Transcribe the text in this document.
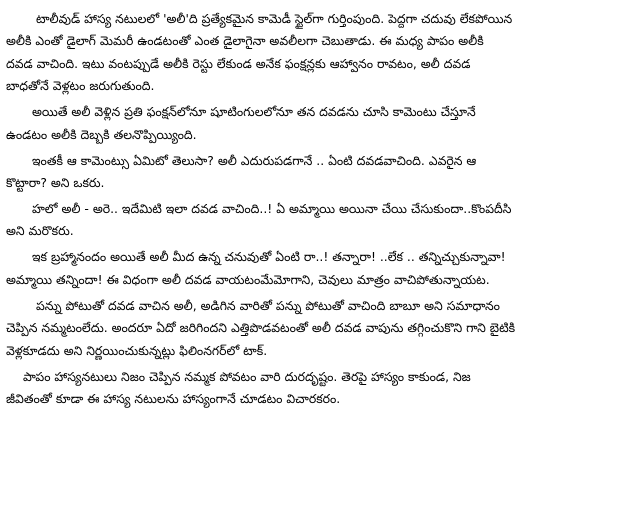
టాలీవుడ్ హాస్య నటులలో 'అలీ'ది ప్రత్యేకమైన కామెడీ స్టైల్‌గా గుర్తింపుంది. పెద్దగా చదువు లేకపోయిన
అలీకి ఎంతో డైలాగ్ మెమరీ ఉండటంతో ఎంత డైలాగైనా అవలీలగా చెబుతాడు. ఈ మధ్య పాపం అలీకి
దవడ వాచింది. ఇటు వంటప్పుడే అలీకి రెస్టు లేకుండ అనేక ఫంక్షన్లకు ఆహ్వానం రావటం, అలీ దవడ
బాధతోనే వెళ్లటం జరుగుతుంది.

అయితే అలీ వెళ్లిన ప్రతి ఫంక్షన్‌లోనూ షూటింగులలోనూ తన దవడను చూసి కామెంటు చేస్తూనే
ఉండటం అలీకి దెబ్బకి తలనొప్పియ్యింది.

ఇంతకీ ఆ కామెంట్సు ఏమిటో తెలుసా? అలీ ఎదురుపడగానే .. ఏంటి దవడవాచింది. ఎవరైన ఆ
కొట్టారా? అని ఒకరు.

హలో అలీ - అరె.. ఇదేమిటి ఇలా దవడ వాచింది..! ఏ అమ్మాయి అయినా చేయి చేసుకుందా..కొంపదీసి
అని మరొకరు.

ఇక బ్రహ్మానందం అయితే అలీ మీద ఉన్న చనువుతో ఏంటి రా..! తన్నారా! ..లేక .. తన్నిచ్చుకున్నావా!
అమ్మాయి తన్నిందా! ఈ విధంగా అలీ దవడ వాయటంమేమోగాని, చెవులు మాత్రం వాచిపోతున్నాయట.

పన్ను పోటుతో దవడ వాచిన అలీ, అడిగిన వారితో పన్ను పోటుతో వాచింది బాబూ అని సమాధానం
చెప్పిన నమ్మటంలేదు. అందరూ ఏదో జరిగిందని ఎత్తిపొడవటంతో అలీ దవడ వాపును తగ్గించుకొని గాని బైటికి
వెళ్లకూడదు అని నిర్ణయించుకున్నట్లు ఫిలింనగర్‌లో టాక్.

పాపం హాస్యనటులు నిజం చెప్పిన నమ్మక పోవటం వారి దురదృష్టం. తెరపై హాస్యం కాకుండ, నిజ
జీవితంతో కూడా ఈ హాస్య నటులను హాస్యంగానే చూడటం విచారకరం.
